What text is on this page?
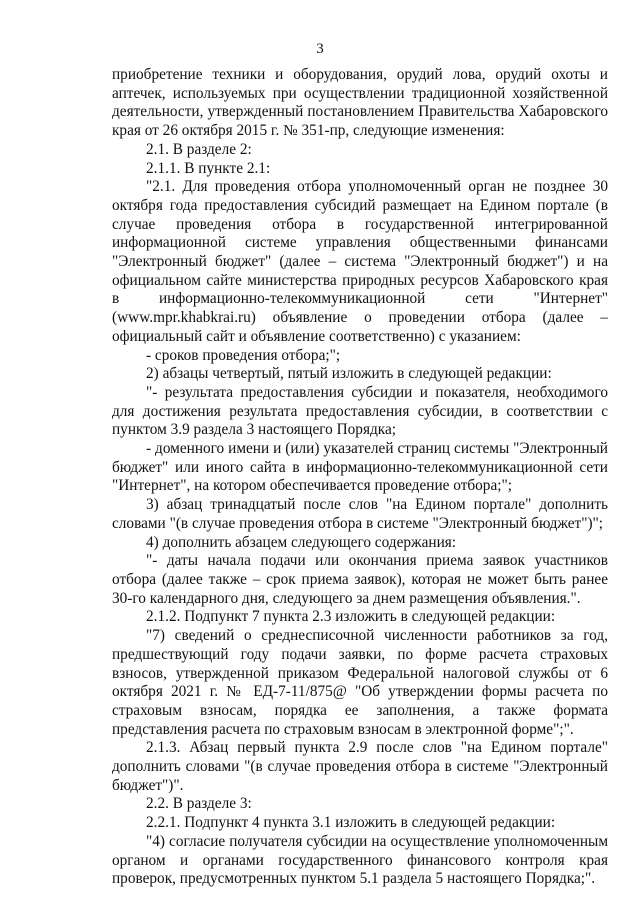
3

приобретение техники и оборудования, орудий лова, орудий охоты и аптечек, используемых при осуществлении традиционной хозяйственной деятельности, утвержденный постановлением Правительства Хабаровского края от 26 октября 2015 г. № 351-пр, следующие изменения:

2.1. В разделе 2:

2.1.1. В пункте 2.1:

"2.1. Для проведения отбора уполномоченный орган не позднее 30 октября года предоставления субсидий размещает на Едином портале (в случае проведения отбора в государственной интегрированной информационной системе управления общественными финансами "Электронный бюджет" (далее – система "Электронный бюджет") и на официальном сайте министерства природных ресурсов Хабаровского края в информационно-телекоммуникационной сети "Интернет" (www.mpr.khabkrai.ru) объявление о проведении отбора (далее – официальный сайт и объявление соответственно) с указанием:

- сроков проведения отбора;";

2) абзацы четвертый, пятый изложить в следующей редакции:

"- результата предоставления субсидии и показателя, необходимого для достижения результата предоставления субсидии, в соответствии с пунктом 3.9 раздела 3 настоящего Порядка;

- доменного имени и (или) указателей страниц системы "Электронный бюджет" или иного сайта в информационно-телекоммуникационной сети "Интернет", на котором обеспечивается проведение отбора;";

3) абзац тринадцатый после слов "на Едином портале" дополнить словами "(в случае проведения отбора в системе "Электронный бюджет")";

4) дополнить абзацем следующего содержания:

"- даты начала подачи или окончания приема заявок участников отбора (далее также – срок приема заявок), которая не может быть ранее 30-го календарного дня, следующего за днем размещения объявления.".

2.1.2. Подпункт 7 пункта 2.3 изложить в следующей редакции:

"7) сведений о среднесписочной численности работников за год, предшествующий году подачи заявки, по форме расчета страховых взносов, утвержденной приказом Федеральной налоговой службы от 6 октября 2021 г. № ЕД-7-11/875@ "Об утверждении формы расчета по страховым взносам, порядка ее заполнения, а также формата представления расчета по страховым взносам в электронной форме";".

2.1.3. Абзац первый пункта 2.9 после слов "на Едином портале" дополнить словами "(в случае проведения отбора в системе "Электронный бюджет")".

2.2. В разделе 3:

2.2.1. Подпункт 4 пункта 3.1 изложить в следующей редакции:

"4) согласие получателя субсидии на осуществление уполномоченным органом и органами государственного финансового контроля края проверок, предусмотренных пунктом 5.1 раздела 5 настоящего Порядка;".
